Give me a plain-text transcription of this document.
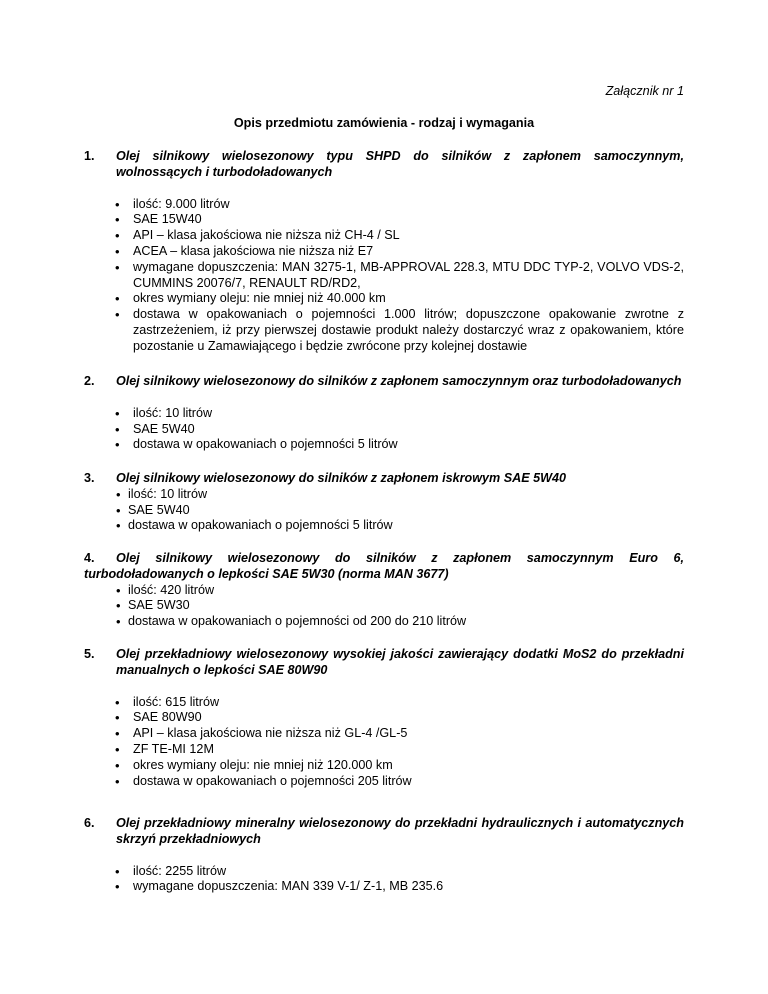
Załącznik nr 1
Opis przedmiotu zamówienia - rodzaj i wymagania
1. Olej silnikowy wielosezonowy typu SHPD do silników z zapłonem samoczynnym, wolnossących i turbodoładowanych
• ilość: 9.000 litrów
• SAE 15W40
• API – klasa jakościowa nie niższa niż CH-4 / SL
• ACEA – klasa jakościowa nie niższa niż E7
• wymagane dopuszczenia: MAN 3275-1, MB-APPROVAL 228.3, MTU DDC TYP-2, VOLVO VDS-2, CUMMINS 20076/7, RENAULT RD/RD2,
• okres wymiany oleju: nie mniej niż 40.000 km
• dostawa w opakowaniach o pojemności 1.000 litrów; dopuszczone opakowanie zwrotne z zastrzeżeniem, iż przy pierwszej dostawie produkt należy dostarczyć wraz z opakowaniem, które pozostanie u Zamawiającego i będzie zwrócone przy kolejnej dostawie
2. Olej silnikowy wielosezonowy do silników z zapłonem samoczynnym oraz turbodoładowanych
• ilość: 10 litrów
• SAE 5W40
• dostawa w opakowaniach o pojemności 5 litrów
3. Olej silnikowy wielosezonowy do silników z zapłonem iskrowym SAE 5W40
• ilość: 10 litrów
• SAE 5W40
• dostawa w opakowaniach o pojemności 5 litrów
4. Olej silnikowy wielosezonowy do silników z zapłonem samoczynnym Euro 6,
turbodoładowanych o lepkości SAE 5W30 (norma MAN 3677)
• ilość: 420 litrów
• SAE 5W30
• dostawa w opakowaniach o pojemności od 200 do 210 litrów
5. Olej przekładniowy wielosezonowy wysokiej jakości zawierający dodatki MoS2 do przekładni manualnych o lepkości SAE 80W90
• ilość: 615 litrów
• SAE 80W90
• API – klasa jakościowa nie niższa niż GL-4 /GL-5
• ZF TE-MI 12M
• okres wymiany oleju: nie mniej niż 120.000 km
• dostawa w opakowaniach o pojemności 205 litrów
6. Olej przekładniowy mineralny wielosezonowy do przekładni hydraulicznych i automatycznych skrzyń przekładniowych
• ilość: 2255 litrów
• wymagane dopuszczenia: MAN 339 V-1/ Z-1, MB 235.6
